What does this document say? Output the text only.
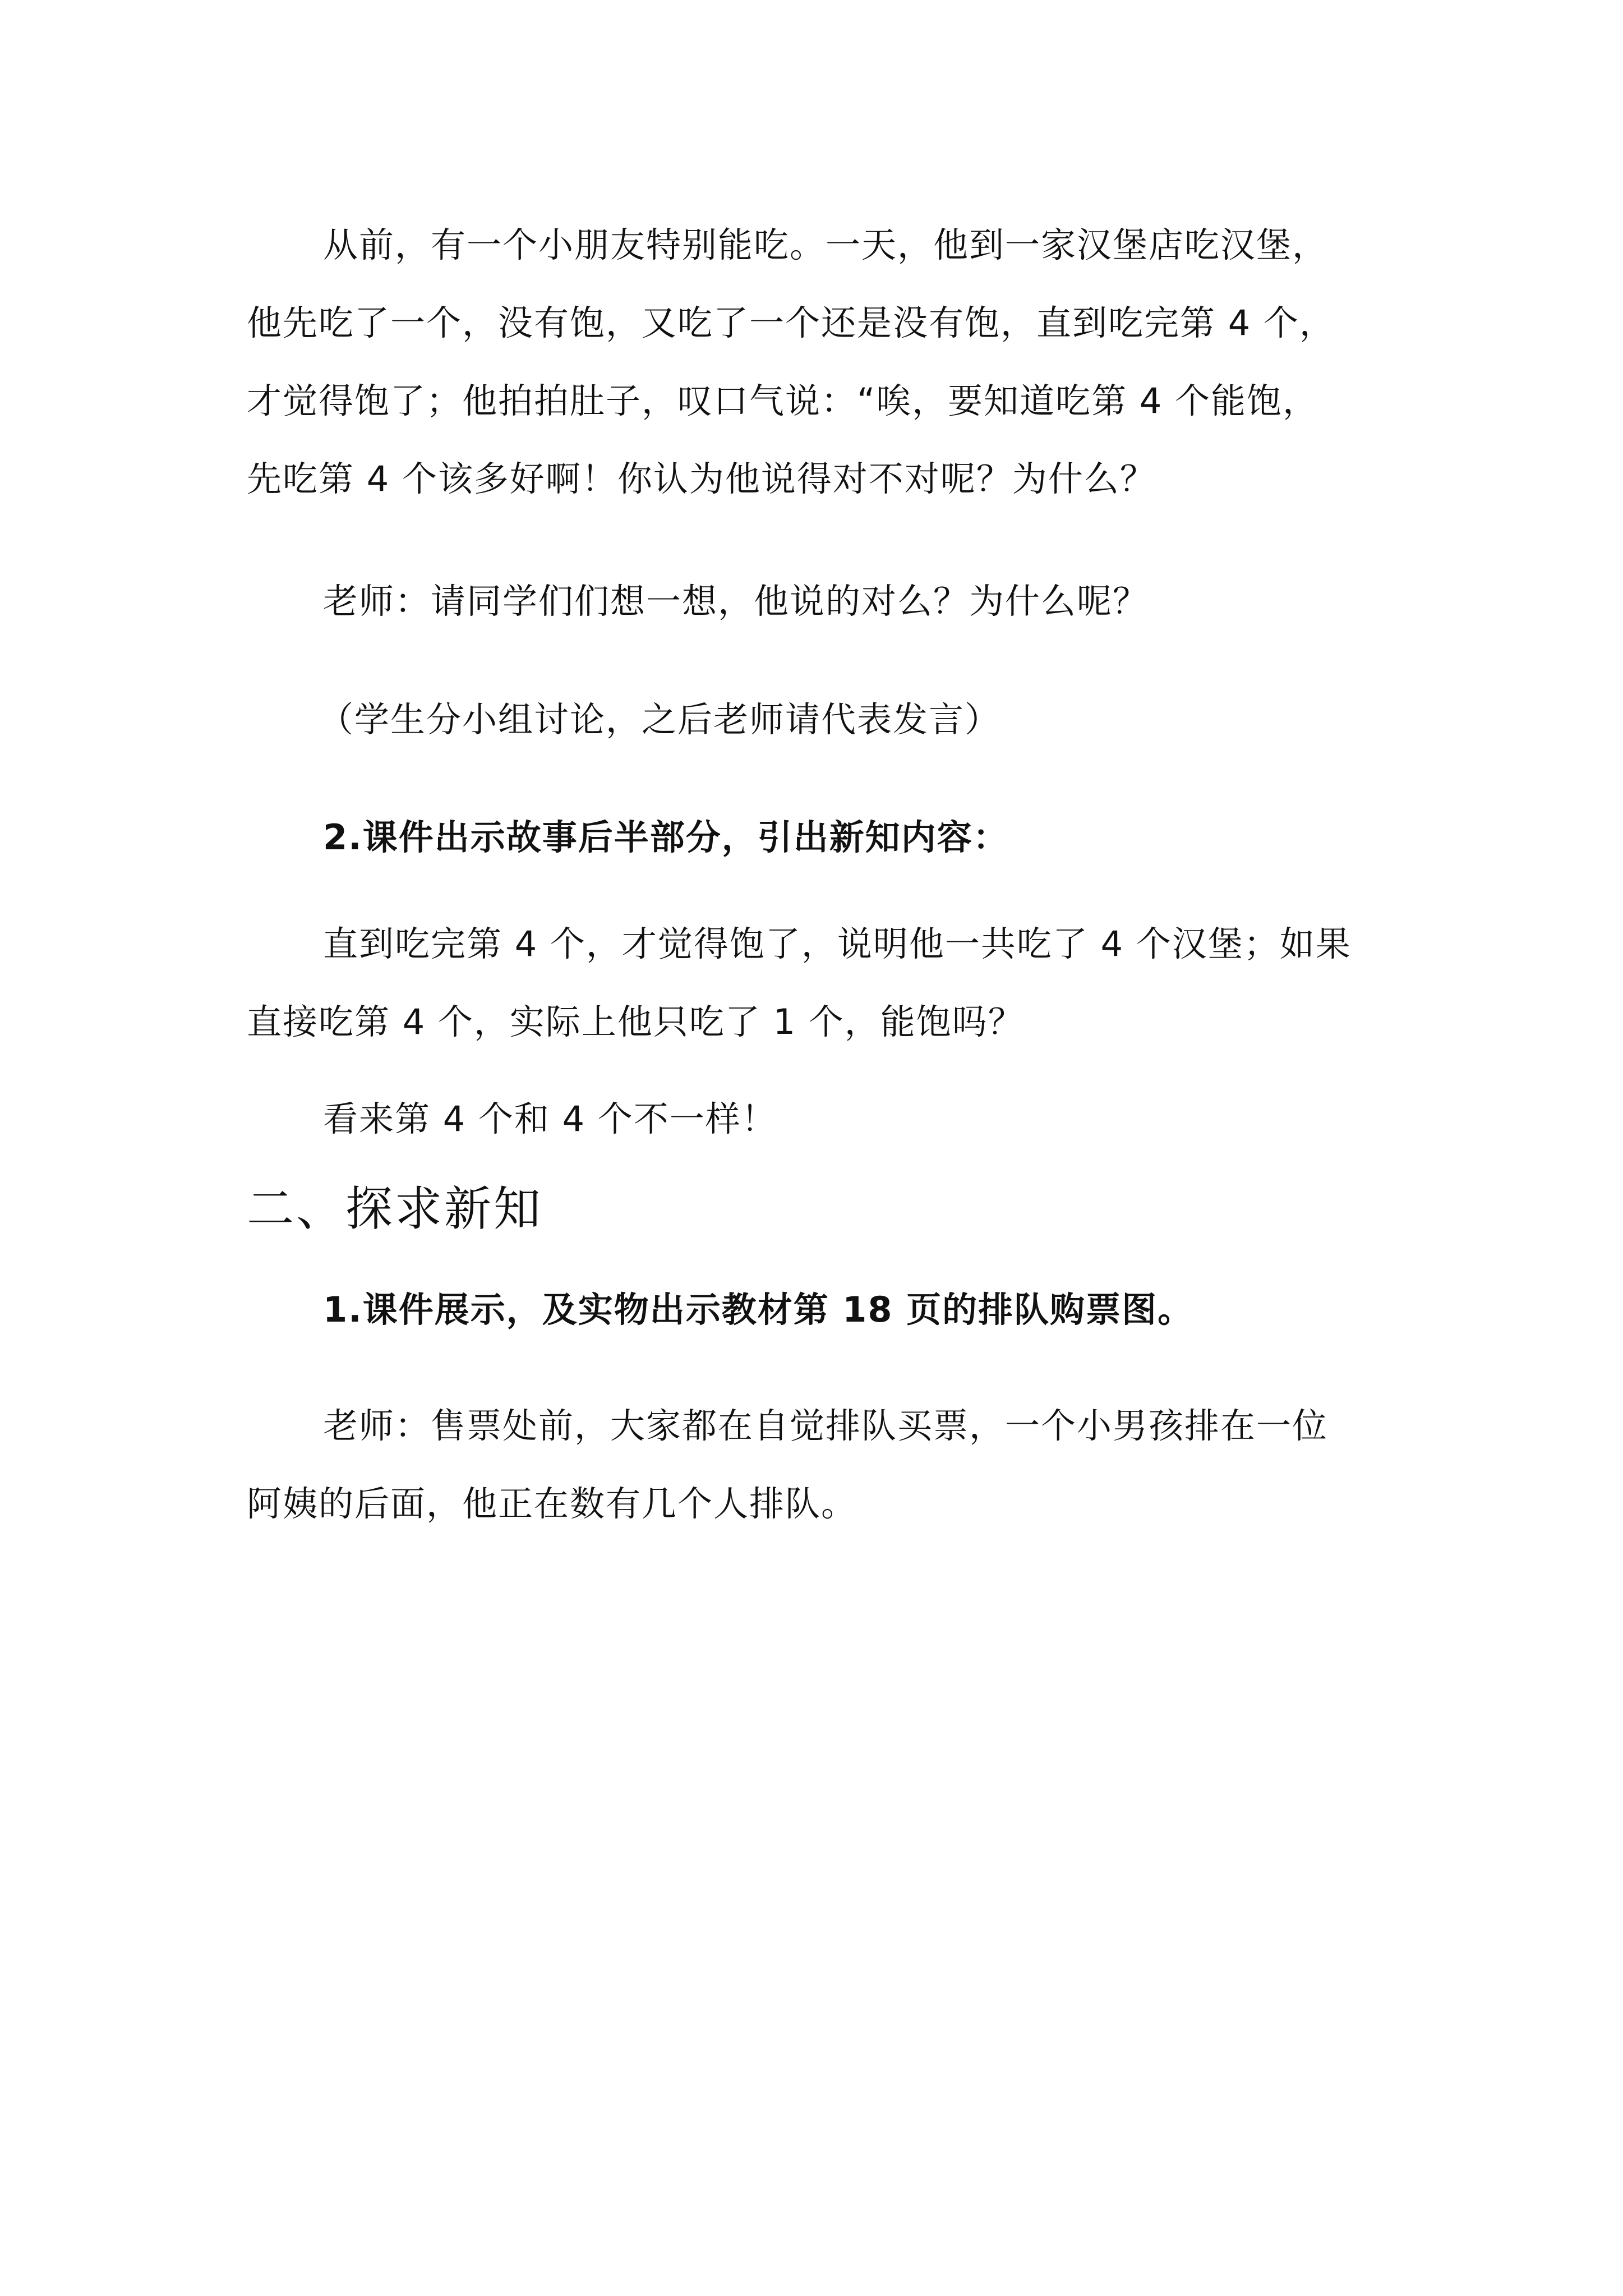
从前，有一个小朋友特别能吃。一天，他到一家汉堡店吃汉堡，
他先吃了一个，没有饱，又吃了一个还是没有饱，直到吃完第 4 个，
才觉得饱了；他拍拍肚子，叹口气说：“唉，要知道吃第 4 个能饱，
先吃第 4 个该多好啊！你认为他说得对不对呢？为什么？

老师：请同学们们想一想，他说的对么？为什么呢？

（学生分小组讨论，之后老师请代表发言）

2.课件出示故事后半部分，引出新知内容：

直到吃完第 4 个，才觉得饱了，说明他一共吃了 4 个汉堡；如果
直接吃第 4 个，实际上他只吃了 1 个，能饱吗？

看来第 4 个和 4 个不一样！

二、探求新知

1.课件展示，及实物出示教材第 18 页的排队购票图。

老师：售票处前，大家都在自觉排队买票，一个小男孩排在一位
阿姨的后面，他正在数有几个人排队。
